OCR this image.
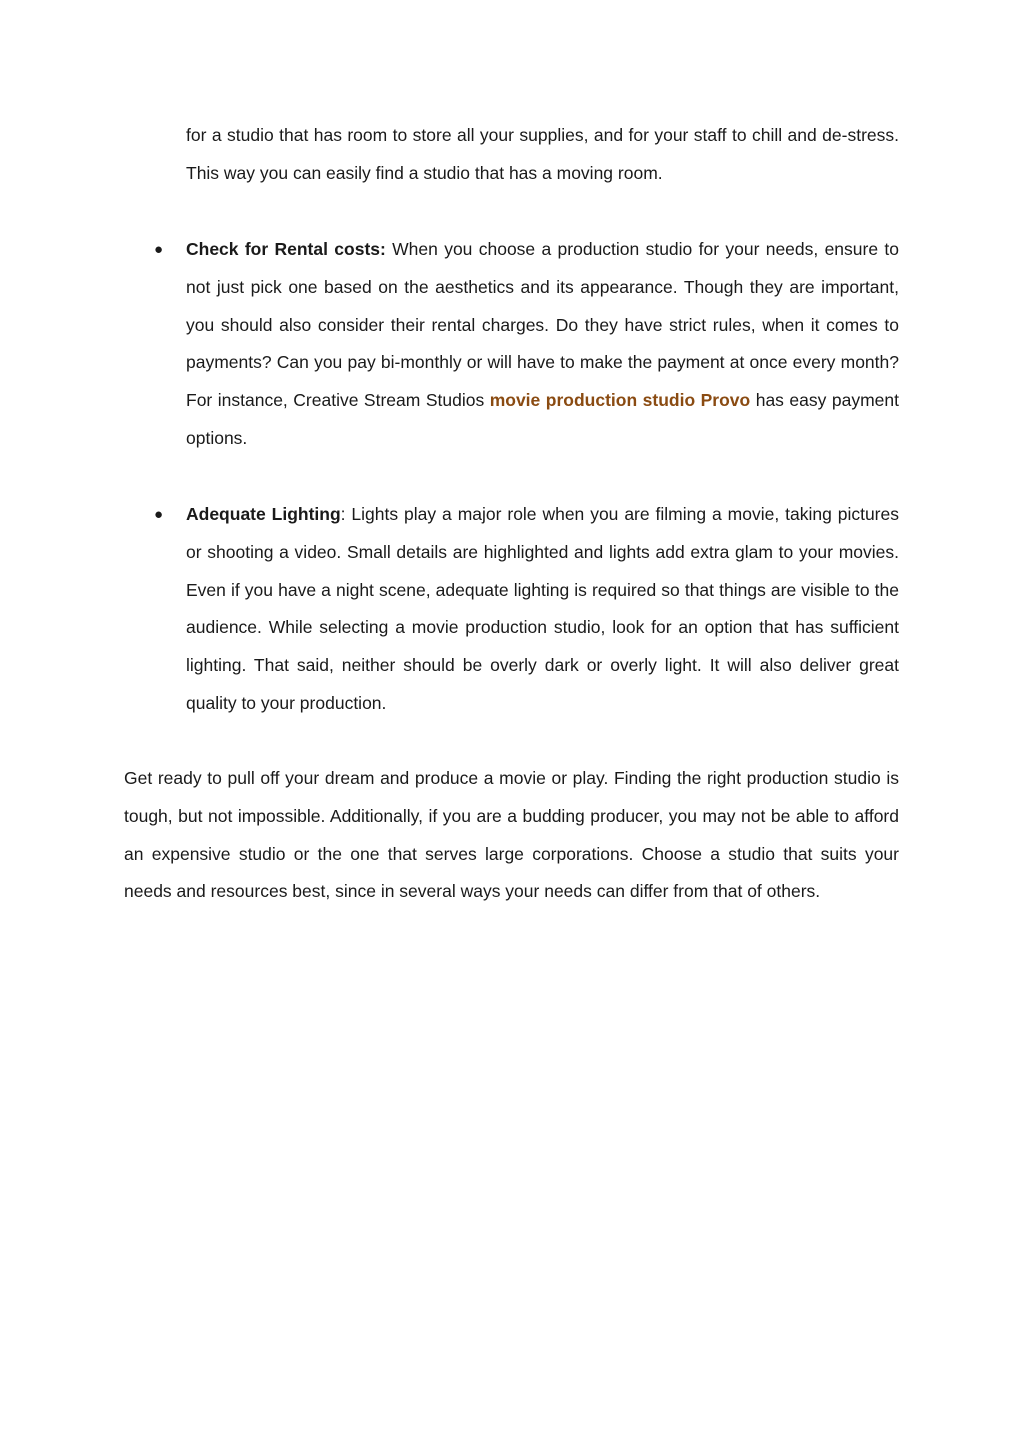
for a studio that has room to store all your supplies, and for your staff to chill and de-stress. This way you can easily find a studio that has a moving room.

●	Check for Rental costs: When you choose a production studio for your needs, ensure to not just pick one based on the aesthetics and its appearance. Though they are important, you should also consider their rental charges. Do they have strict rules, when it comes to payments? Can you pay bi-monthly or will have to make the payment at once every month? For instance, Creative Stream Studios movie production studio Provo has easy payment options.
●	Adequate Lighting: Lights play a major role when you are filming a movie, taking pictures or shooting a video. Small details are highlighted and lights add extra glam to your movies. Even if you have a night scene, adequate lighting is required so that things are visible to the audience. While selecting a movie production studio, look for an option that has sufficient lighting. That said, neither should be overly dark or overly light. It will also deliver great quality to your production.

Get ready to pull off your dream and produce a movie or play. Finding the right production studio is tough, but not impossible. Additionally, if you are a budding producer, you may not be able to afford an expensive studio or the one that serves large corporations. Choose a studio that suits your needs and resources best, since in several ways your needs can differ from that of others.
